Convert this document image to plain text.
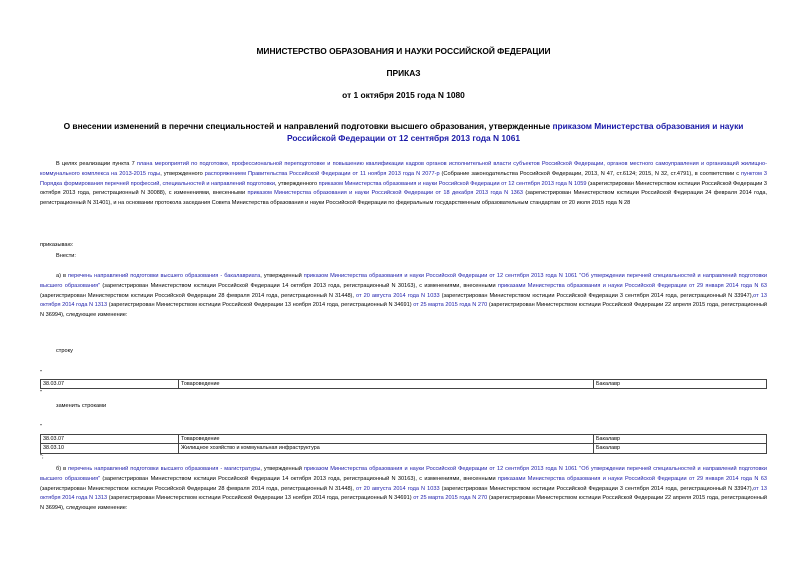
МИНИСТЕРСТВО ОБРАЗОВАНИЯ И НАУКИ РОССИЙСКОЙ ФЕДЕРАЦИИ
ПРИКАЗ
от 1 октября 2015 года N 1080
О внесении изменений в перечни специальностей и направлений подготовки высшего образования, утвержденные приказом Министерства образования и науки Российской Федерации от 12 сентября 2013 года N 1061
В целях реализации пункта 7 плана мероприятий по подготовке, профессиональной переподготовке и повышению квалификации кадров органов исполнительной власти субъектов Российской Федерации, органов местного самоуправления и организаций жилищно-коммунального комплекса на 2013-2015 годы, утвержденного распоряжением Правительства Российской Федерации от 11 ноября 2013 года N 2077-р (Собрание законодательства Российской Федерации, 2013, N 47, ст.6124; 2015, N 32, ст.4791), в соответствии с пунктом 3 Порядка формирования перечней профессий, специальностей и направлений подготовки, утвержденного приказом Министерства образования и науки Российской Федерации от 12 сентября 2013 года N 1059 (зарегистрирован Министерством юстиции Российской Федерации 3 октября 2013 года, регистрационный N 30088), с изменениями, внесенными приказом Министерства образования и науки Российской Федерации от 18 декабря 2013 года N 1363 (зарегистрирован Министерством юстиции Российской Федерации 24 февраля 2014 года, регистрационный N 31401), и на основании протокола заседания Совета Министерства образования и науки Российской Федерации по федеральным государственным образовательным стандартам от 20 июля 2015 года N 28
приказываю:
Внести:
а) в перечень направлений подготовки высшего образования - бакалавриата, утвержденный приказом Министерства образования и науки Российской Федерации от 12 сентября 2013 года N 1061 "Об утверждении перечней специальностей и направлений подготовки высшего образования" (зарегистрирован Министерством юстиции Российской Федерации 14 октября 2013 года, регистрационный N 30163), с изменениями, внесенными приказами Министерства образования и науки Российской Федерации от 29 января 2014 года N 63 (зарегистрирован Министерством юстиции Российской Федерации 28 февраля 2014 года, регистрационный N 31448), от 20 августа 2014 года N 1033 (зарегистрирован Министерством юстиции Российской Федерации 3 сентября 2014 года, регистрационный N 33947),от 13 октября 2014 года N 1313 (зарегистрирован Министерством юстиции Российской Федерации 13 ноября 2014 года, регистрационный N 34691) от 25 марта 2015 года N 270 (зарегистрирован Министерством юстиции Российской Федерации 22 апреля 2015 года, регистрационный N 36994), следующее изменение:
строку
"
38.03.07	Товароведение	Бакалавр
"
заменить строками
"
38.03.07	Товароведение	Бакалавр
38.03.10	Жилищное хозяйство и коммунальная инфраструктура	Бакалавр
";
б) в перечень направлений подготовки высшего образования - магистратуры, утвержденный приказом Министерства образования и науки Российской Федерации от 12 сентября 2013 года N 1061 "Об утверждении перечней специальностей и направлений подготовки высшего образования" (зарегистрирован Министерством юстиции Российской Федерации 14 октября 2013 года, регистрационный N 30163), с изменениями, внесенными приказами Министерства образования и науки Российской Федерации от 29 января 2014 года N 63 (зарегистрирован Министерством юстиции Российской Федерации 28 февраля 2014 года, регистрационный N 31448), от 20 августа 2014 года N 1033 (зарегистрирован Министерством юстиции Российской Федерации 3 сентября 2014 года, регистрационный N 33947),от 13 октября 2014 года N 1313 (зарегистрирован Министерством юстиции Российской Федерации 13 ноября 2014 года, регистрационный N 34691) от 25 марта 2015 года N 270 (зарегистрирован Министерством юстиции Российской Федерации 22 апреля 2015 года, регистрационный N 36994), следующее изменение:
